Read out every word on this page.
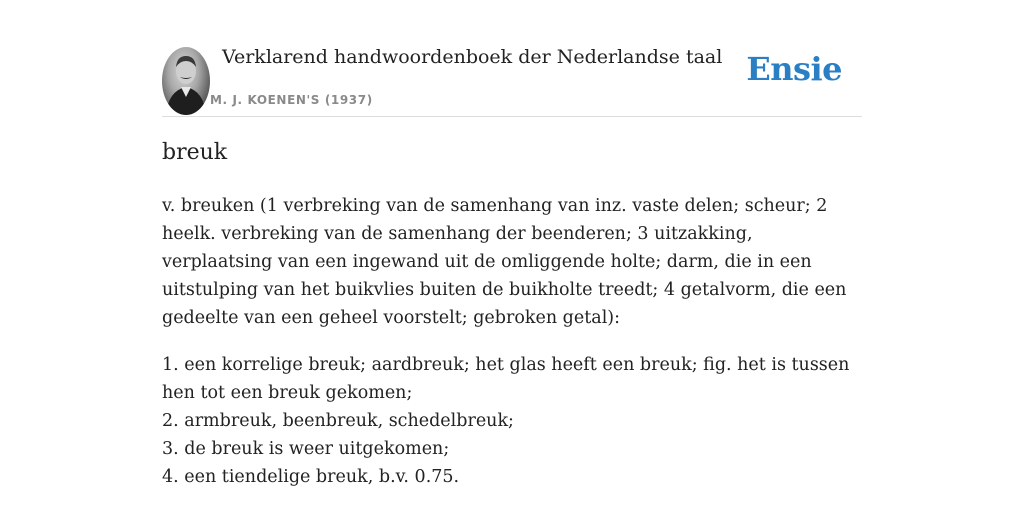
Verklarend handwoordenboek der Nederlandse taal
M. J. KOENEN'S (1937)
Ensie
breuk
v. breuken (1 verbreking van de samenhang van inz. vaste delen; scheur; 2 heelk. verbreking van de samenhang der beenderen; 3 uitzakking, verplaatsing van een ingewand uit de omliggende holte; darm, die in een uitstulping van het buikvlies buiten de buikholte treedt; 4 getalvorm, die een gedeelte van een geheel voorstelt; gebroken getal):
1. een korrelige breuk; aardbreuk; het glas heeft een breuk; fig. het is tussen hen tot een breuk gekomen;
2. armbreuk, beenbreuk, schedelbreuk;
3. de breuk is weer uitgekomen;
4. een tiendelige breuk, b.v. 0.75.
